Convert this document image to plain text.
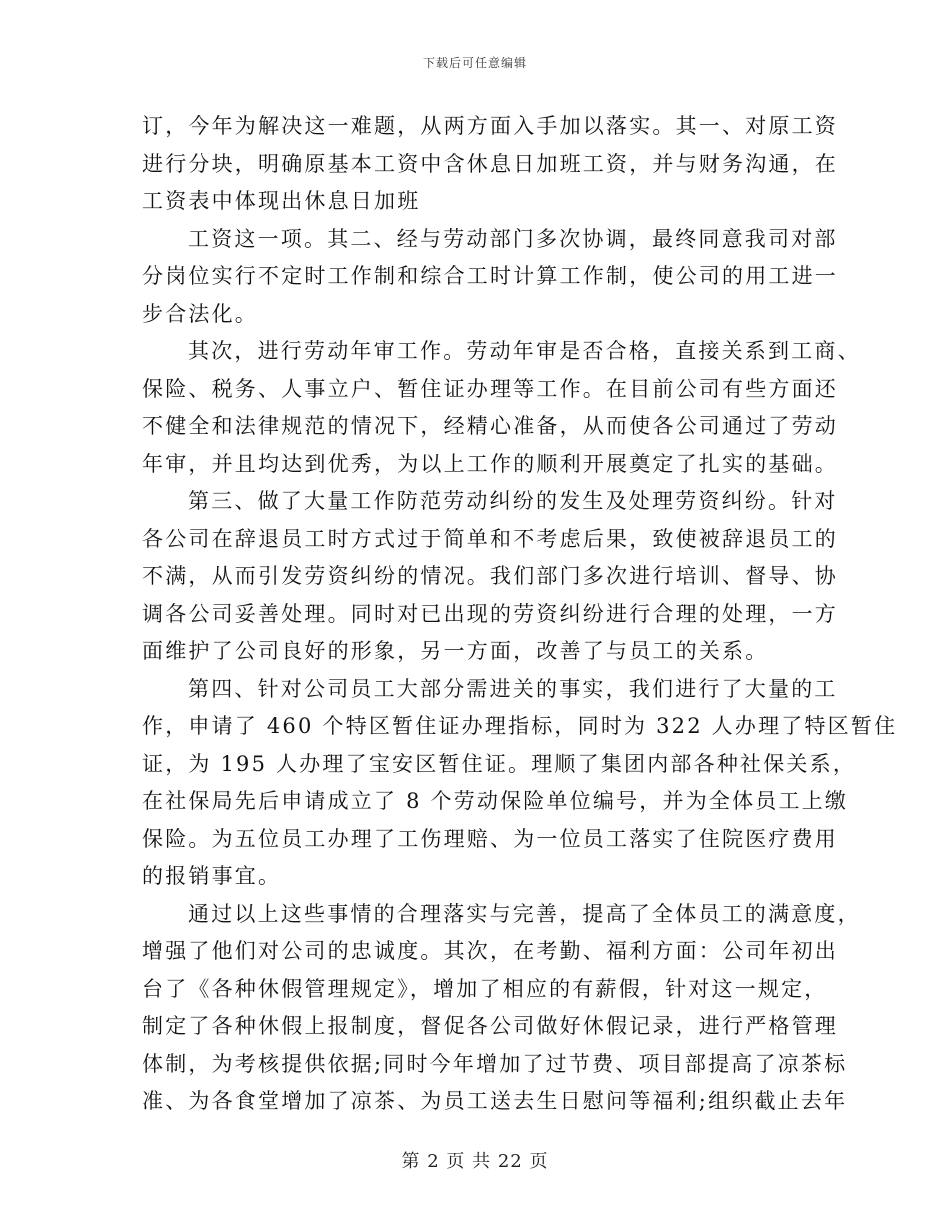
下载后可任意编辑
订，今年为解决这一难题，从两方面入手加以落实。其一、对原工资
进行分块，明确原基本工资中含休息日加班工资，并与财务沟通，在
工资表中体现出休息日加班
工资这一项。其二、经与劳动部门多次协调，最终同意我司对部
分岗位实行不定时工作制和综合工时计算工作制，使公司的用工进一
步合法化。
其次，进行劳动年审工作。劳动年审是否合格，直接关系到工商、
保险、税务、人事立户、暂住证办理等工作。在目前公司有些方面还
不健全和法律规范的情况下，经精心准备，从而使各公司通过了劳动
年审，并且均达到优秀，为以上工作的顺利开展奠定了扎实的基础。
第三、做了大量工作防范劳动纠纷的发生及处理劳资纠纷。针对
各公司在辞退员工时方式过于简单和不考虑后果，致使被辞退员工的
不满，从而引发劳资纠纷的情况。我们部门多次进行培训、督导、协
调各公司妥善处理。同时对已出现的劳资纠纷进行合理的处理，一方
面维护了公司良好的形象，另一方面，改善了与员工的关系。
第四、针对公司员工大部分需进关的事实，我们进行了大量的工
作，申请了 460 个特区暂住证办理指标，同时为 322 人办理了特区暂住
证，为 195 人办理了宝安区暂住证。理顺了集团内部各种社保关系，
在社保局先后申请成立了 8 个劳动保险单位编号，并为全体员工上缴
保险。为五位员工办理了工伤理赔、为一位员工落实了住院医疗费用
的报销事宜。
通过以上这些事情的合理落实与完善，提高了全体员工的满意度，
增强了他们对公司的忠诚度。其次，在考勤、福利方面：公司年初出
台了《各种休假管理规定》，增加了相应的有薪假，针对这一规定，
制定了各种休假上报制度，督促各公司做好休假记录，进行严格管理
体制，为考核提供依据;同时今年增加了过节费、项目部提高了凉茶标
准、为各食堂增加了凉茶、为员工送去生日慰问等福利;组织截止去年
第 2 页 共 22 页
